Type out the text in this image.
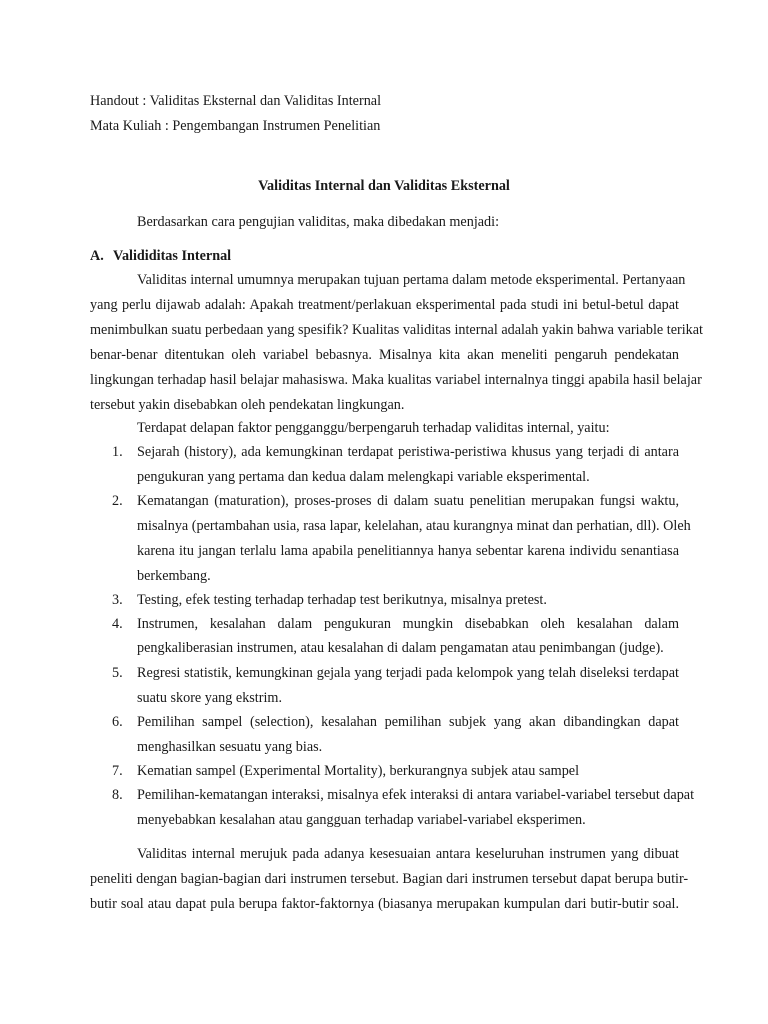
Handout : Validitas Eksternal dan Validitas Internal
Mata Kuliah : Pengembangan Instrumen Penelitian
Validitas Internal dan Validitas Eksternal
Berdasarkan cara pengujian validitas, maka dibedakan menjadi:
A. Valididitas Internal
Validitas internal umumnya merupakan tujuan pertama dalam metode eksperimental. Pertanyaan
yang perlu dijawab adalah: Apakah treatment/perlakuan eksperimental pada studi ini betul-betul dapat
menimbulkan suatu perbedaan yang spesifik? Kualitas validitas internal adalah yakin bahwa variable terikat
benar-benar ditentukan oleh variabel bebasnya. Misalnya kita akan meneliti pengaruh pendekatan
lingkungan terhadap hasil belajar mahasiswa. Maka kualitas variabel internalnya tinggi apabila hasil belajar
tersebut yakin disebabkan oleh pendekatan lingkungan.
Terdapat delapan faktor pengganggu/berpengaruh terhadap validitas internal, yaitu:
1. Sejarah (history), ada kemungkinan terdapat peristiwa-peristiwa khusus yang terjadi di antara
pengukuran yang pertama dan kedua dalam melengkapi variable eksperimental.
2. Kematangan (maturation), proses-proses di dalam suatu penelitian merupakan fungsi waktu,
misalnya (pertambahan usia, rasa lapar, kelelahan, atau kurangnya minat dan perhatian, dll). Oleh
karena itu jangan terlalu lama apabila penelitiannya hanya sebentar karena individu senantiasa
berkembang.
3. Testing, efek testing terhadap terhadap test berikutnya, misalnya pretest.
4. Instrumen, kesalahan dalam pengukuran mungkin disebabkan oleh kesalahan dalam
pengkaliberasian instrumen, atau kesalahan di dalam pengamatan atau penimbangan (judge).
5. Regresi statistik, kemungkinan gejala yang terjadi pada kelompok yang telah diseleksi terdapat
suatu skore yang ekstrim.
6. Pemilihan sampel (selection), kesalahan pemilihan subjek yang akan dibandingkan dapat
menghasilkan sesuatu yang bias.
7. Kematian sampel (Experimental Mortality), berkurangnya subjek atau sampel
8. Pemilihan-kematangan interaksi, misalnya efek interaksi di antara variabel-variabel tersebut dapat
menyebabkan kesalahan atau gangguan terhadap variabel-variabel eksperimen.
Validitas internal merujuk pada adanya kesesuaian antara keseluruhan instrumen yang dibuat
peneliti dengan bagian-bagian dari instrumen tersebut. Bagian dari instrumen tersebut dapat berupa butir-
butir soal atau dapat pula berupa faktor-faktornya (biasanya merupakan kumpulan dari butir-butir soal.
